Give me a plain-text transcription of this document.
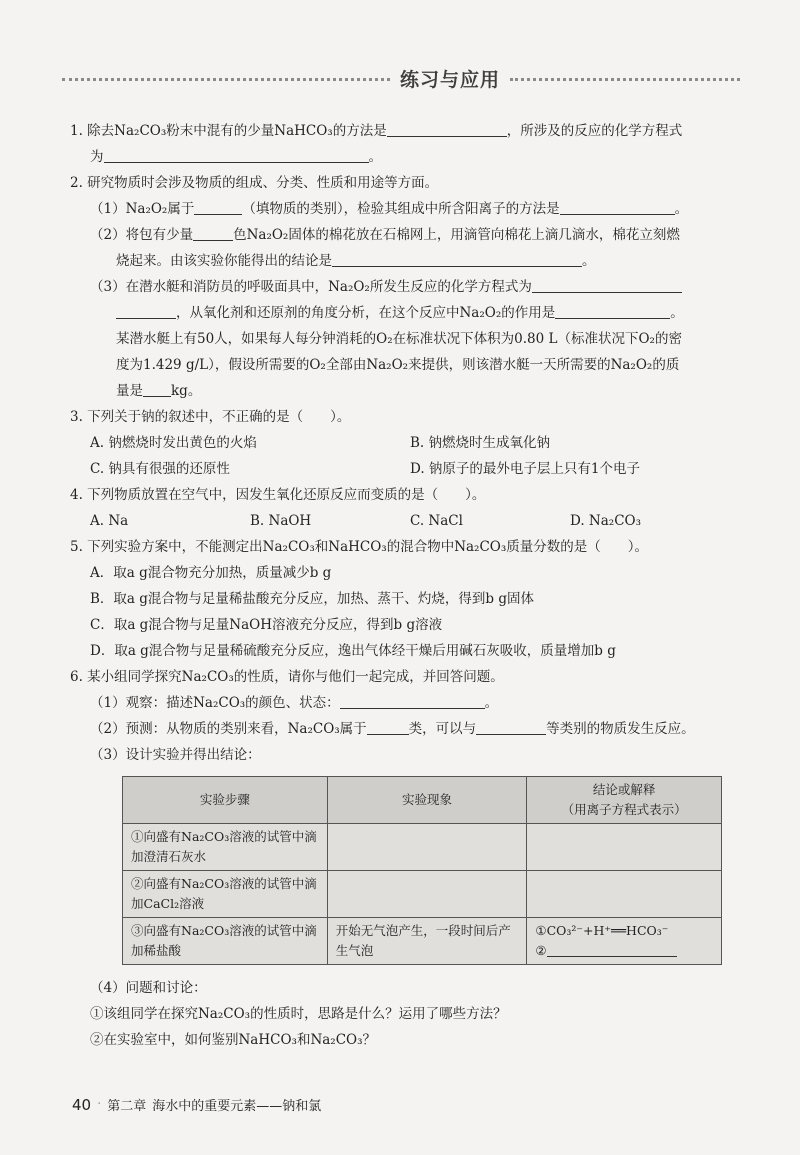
练习与应用
1. 除去Na₂CO₃粉末中混有的少量NaHCO₃的方法是	，所涉及的反应的化学方程式
为	。
2. 研究物质时会涉及物质的组成、分类、性质和用途等方面。
（1）Na₂O₂属于	（填物质的类别），检验其组成中所含阳离子的方法是	。
（2）将包有少量	色Na₂O₂固体的棉花放在石棉网上，用滴管向棉花上滴几滴水，棉花立刻燃
烧起来。由该实验你能得出的结论是	。
（3）在潜水艇和消防员的呼吸面具中，Na₂O₂所发生反应的化学方程式为
，从氧化剂和还原剂的角度分析，在这个反应中Na₂O₂的作用是	。
某潜水艇上有50人，如果每人每分钟消耗的O₂在标准状况下体积为0.80 L（标准状况下O₂的密
度为1.429 g/L），假设所需要的O₂全部由Na₂O₂来提供，则该潜水艇一天所需要的Na₂O₂的质
量是 kg。
3. 下列关于钠的叙述中，不正确的是（　　）。
A. 钠燃烧时发出黄色的火焰	B. 钠燃烧时生成氧化钠
C. 钠具有很强的还原性	D. 钠原子的最外电子层上只有1个电子
4. 下列物质放置在空气中，因发生氧化还原反应而变质的是（　　）。
A. Na	B. NaOH	C. NaCl	D. Na₂CO₃
5. 下列实验方案中，不能测定出Na₂CO₃和NaHCO₃的混合物中Na₂CO₃质量分数的是（　　）。
A．取a g混合物充分加热，质量减少b g
B．取a g混合物与足量稀盐酸充分反应，加热、蒸干、灼烧，得到b g固体
C．取a g混合物与足量NaOH溶液充分反应，得到b g溶液
D．取a g混合物与足量稀硫酸充分反应，逸出气体经干燥后用碱石灰吸收，质量增加b g
6. 某小组同学探究Na₂CO₃的性质，请你与他们一起完成，并回答问题。
（1）观察：描述Na₂CO₃的颜色、状态：	。
（2）预测：从物质的类别来看，Na₂CO₃属于	类，可以与	等类别的物质发生反应。
（3）设计实验并得出结论：
实验步骤	实验现象	结论或解释
（用离子方程式表示）

①向盛有Na₂CO₃溶液的试管中滴加澄清石灰水		
②向盛有Na₂CO₃溶液的试管中滴加CaCl₂溶液		
③向盛有Na₂CO₃溶液的试管中滴加稀盐酸	开始无气泡产生，一段时间后产生气泡	①CO₃²⁻+H⁺══HCO₃⁻
②
（4）问题和讨论：
①该组同学在探究Na₂CO₃的性质时，思路是什么？运用了哪些方法？
②在实验室中，如何鉴别NaHCO₃和Na₂CO₃？
40 · 第二章 海水中的重要元素——钠和氯
